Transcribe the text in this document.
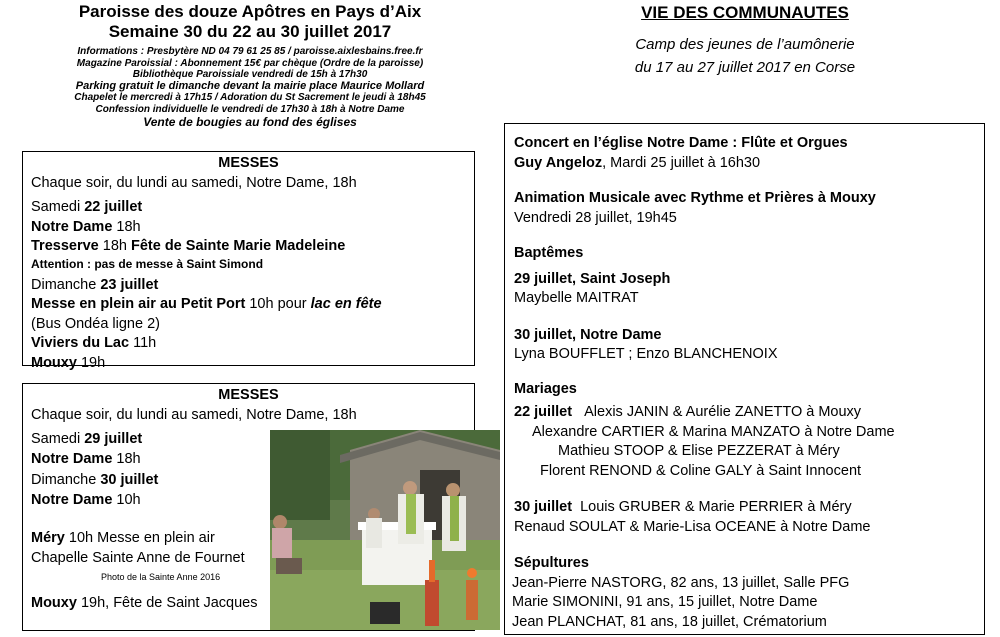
Paroisse des douze Apôtres en Pays d’Aix
Semaine 30 du 22 au 30 juillet 2017
Informations : Presbytère ND 04 79 61 25 85 / paroisse.aixlesbains.free.fr
Magazine Paroissial : Abonnement 15€ par chèque (Ordre de la paroisse)
Bibliothèque Paroissiale vendredi de 15h à 17h30
Parking gratuit le dimanche devant la mairie place Maurice Mollard
Chapelet le mercredi à 17h15 / Adoration du St Sacrement le jeudi à 18h45
Confession individuelle le vendredi de 17h30 à 18h à Notre Dame
Vente de bougies au fond des églises
MESSES
Chaque soir, du lundi au samedi, Notre Dame, 18h
Samedi 22 juillet
Notre Dame 18h
Tresserve 18h Fête de Sainte Marie Madeleine
Attention : pas de messe à Saint Simond
Dimanche 23 juillet
Messe en plein air au Petit Port 10h pour lac en fête
(Bus Ondéa ligne 2)
Viviers du Lac 11h
Mouxy 19h
MESSES
Chaque soir, du lundi au samedi, Notre Dame, 18h
Samedi 29 juillet
Notre Dame 18h
Dimanche 30 juillet
Notre Dame 10h
Méry 10h Messe en plein air
Chapelle Sainte Anne de Fournet
Photo de la Sainte Anne 2016
Mouxy 19h, Fête de Saint Jacques
VIE DES COMMUNAUTES
Camp des jeunes de l’aumônerie
du 17 au 27 juillet 2017 en Corse
Concert en l’église Notre Dame : Flûte et Orgues
Guy Angeloz, Mardi 25 juillet à 16h30
Animation Musicale avec Rythme et Prières à Mouxy
Vendredi 28 juillet, 19h45
Baptêmes
29 juillet, Saint Joseph
Maybelle MAITRAT
30 juillet, Notre Dame
Lyna BOUFFLET ; Enzo BLANCHENOIX
Mariages
22 juillet Alexis JANIN & Aurélie ZANETTO à Mouxy
Alexandre CARTIER & Marina MANZATO à Notre Dame
Mathieu STOOP & Elise PEZZERAT à Méry
Florent RENOND & Coline GALY à Saint Innocent
30 juillet Louis GRUBER & Marie PERRIER à Méry
Renaud SOULAT & Marie-Lisa OCEANE à Notre Dame
Sépultures
Jean-Pierre NASTORG, 82 ans, 13 juillet, Salle PFG
Marie SIMONINI, 91 ans, 15 juillet, Notre Dame
Jean PLANCHAT, 81 ans, 18 juillet, Crématorium
